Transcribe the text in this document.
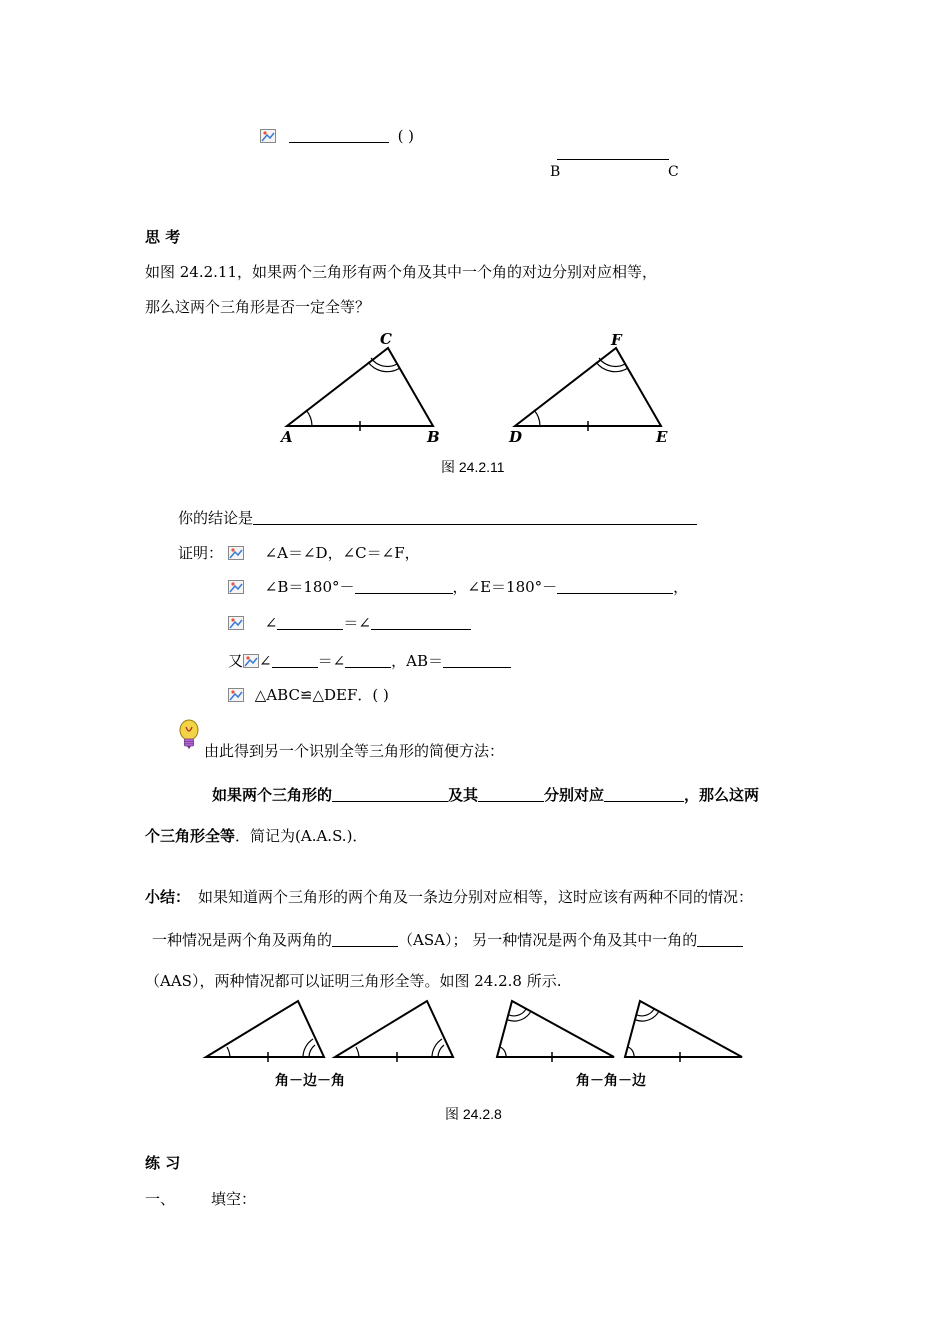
( )
B	C
思 考
如图 24.2.11，如果两个三角形有两个角及其中一个角的对边分别对应相等，
那么这两个三角形是否一定全等？
A	B
C
D	E
F
图 24.2.11
你的结论是
证明：	∠A＝∠D，∠C＝∠F，
∠B＝180°－	，∠E＝180°－	，
∠	＝∠
又 ∠	＝∠	，AB＝
△ABC≌△DEF．( )
由此得到另一个识别全等三角形的简便方法：
如果两个三角形的	及其	分别对应	，那么这两
个三角形全等．简记为(A.A.S.)．
小结： 如果知道两个三角形的两个角及一条边分别对应相等，这时应该有两种不同的情况：
一种情况是两个角及两角的	（ASA）； 另一种情况是两个角及其中一角的
（AAS），两种情况都可以证明三角形全等。如图 24.2.8 所示.
角－边－角	角－角－边
图 24.2.8
练 习
一、 填空：
